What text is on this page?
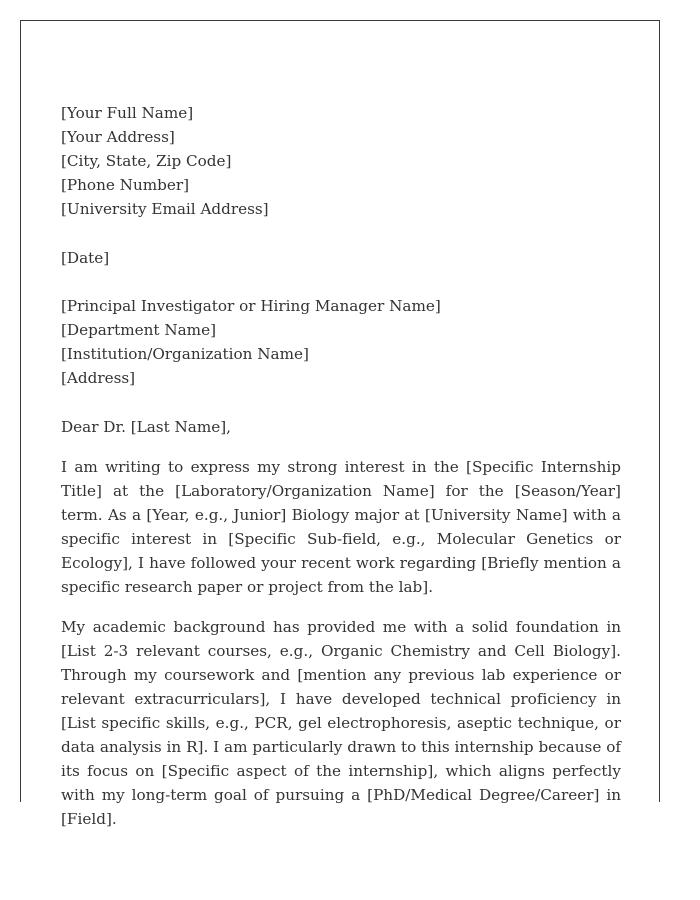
[Your Full Name]
[Your Address]
[City, State, Zip Code]
[Phone Number]
[University Email Address]
[Date]
[Principal Investigator or Hiring Manager Name]
[Department Name]
[Institution/Organization Name]
[Address]
Dear Dr. [Last Name],

I am writing to express my strong interest in the [Specific Internship Title] at the [Laboratory/Organization Name] for the [Season/Year] term. As a [Year, e.g., Junior] Biology major at [University Name] with a specific interest in [Specific Sub-field, e.g., Molecular Genetics or Ecology], I have followed your recent work regarding [Briefly mention a specific research paper or project from the lab].

My academic background has provided me with a solid foundation in [List 2-3 relevant courses, e.g., Organic Chemistry and Cell Biology]. Through my coursework and [mention any previous lab experience or relevant extracurriculars], I have developed technical proficiency in [List specific skills, e.g., PCR, gel electrophoresis, aseptic technique, or data analysis in R]. I am particularly drawn to this internship because of its focus on [Specific aspect of the internship], which aligns perfectly with my long-term goal of pursuing a [PhD/Medical Degree/Career] in [Field].
